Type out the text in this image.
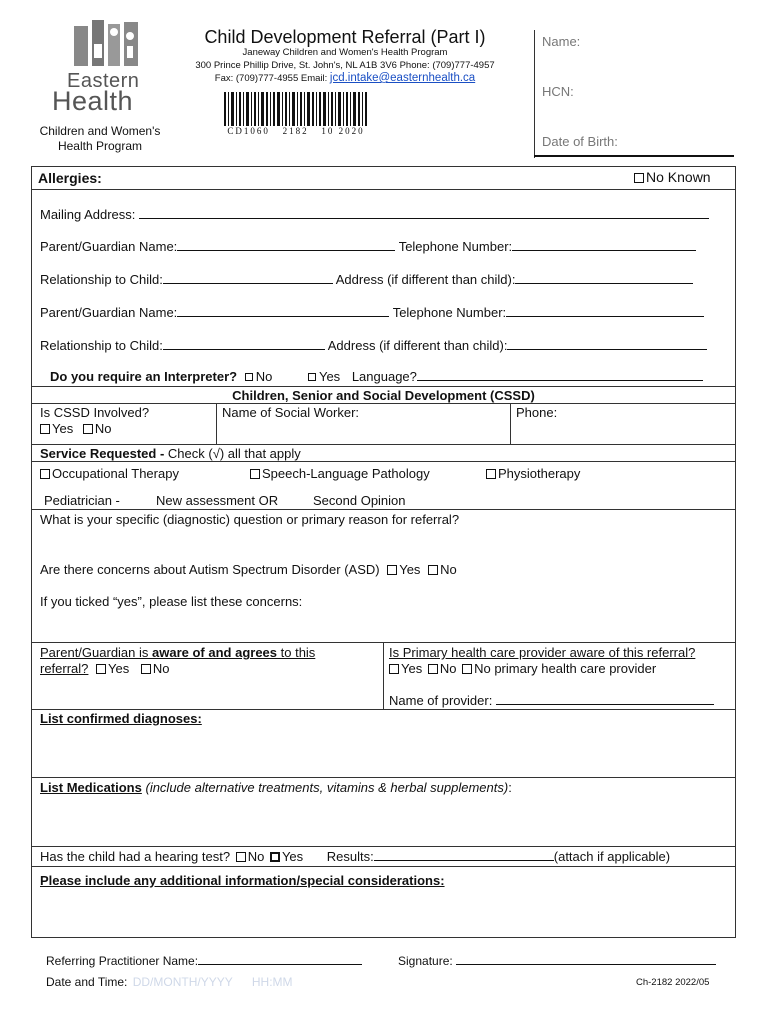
Eastern
Health
Children and Women's
Health Program
Child Development Referral (Part I)
Janeway Children and Women's Health Program
300 Prince Phillip Drive, St. John's, NL A1B 3V6 Phone: (709)777-4957
Fax: (709)777-4955 Email: jcd.intake@easternhealth.ca
CD1060   2182   10 2020
Name:
HCN:
Date of Birth:
Allergies:	No Known
Mailing Address:
Parent/Guardian Name:	Telephone Number:
Relationship to Child:	Address (if different than child):
Parent/Guardian Name:	Telephone Number:
Relationship to Child:	Address (if different than child):
Do you require an Interpreter? No	Yes Language?
Children, Senior and Social Development (CSSD)
Is CSSD Involved?
Yes No
Name of Social Worker:	Phone:
Service Requested - Check (√) all that apply
Occupational Therapy	Speech-Language Pathology	Physiotherapy
Pediatrician -	New assessment OR	Second Opinion
What is your specific (diagnostic) question or primary reason for referral?
Are there concerns about Autism Spectrum Disorder (ASD) Yes No
If you ticked “yes”, please list these concerns:
Parent/Guardian is aware of and agrees to this
referral? Yes No
Is Primary health care provider aware of this referral?
Yes No No primary health care provider
Name of provider:
List confirmed diagnoses:
List Medications (include alternative treatments, vitamins & herbal supplements):
Has the child had a hearing test? No Yes Results:	(attach if applicable)
Please include any additional information/special considerations:
Referring Practitioner Name:	Signature:
Date and Time: DD/MONTH/YYYY HH:MM	Ch-2182 2022/05
